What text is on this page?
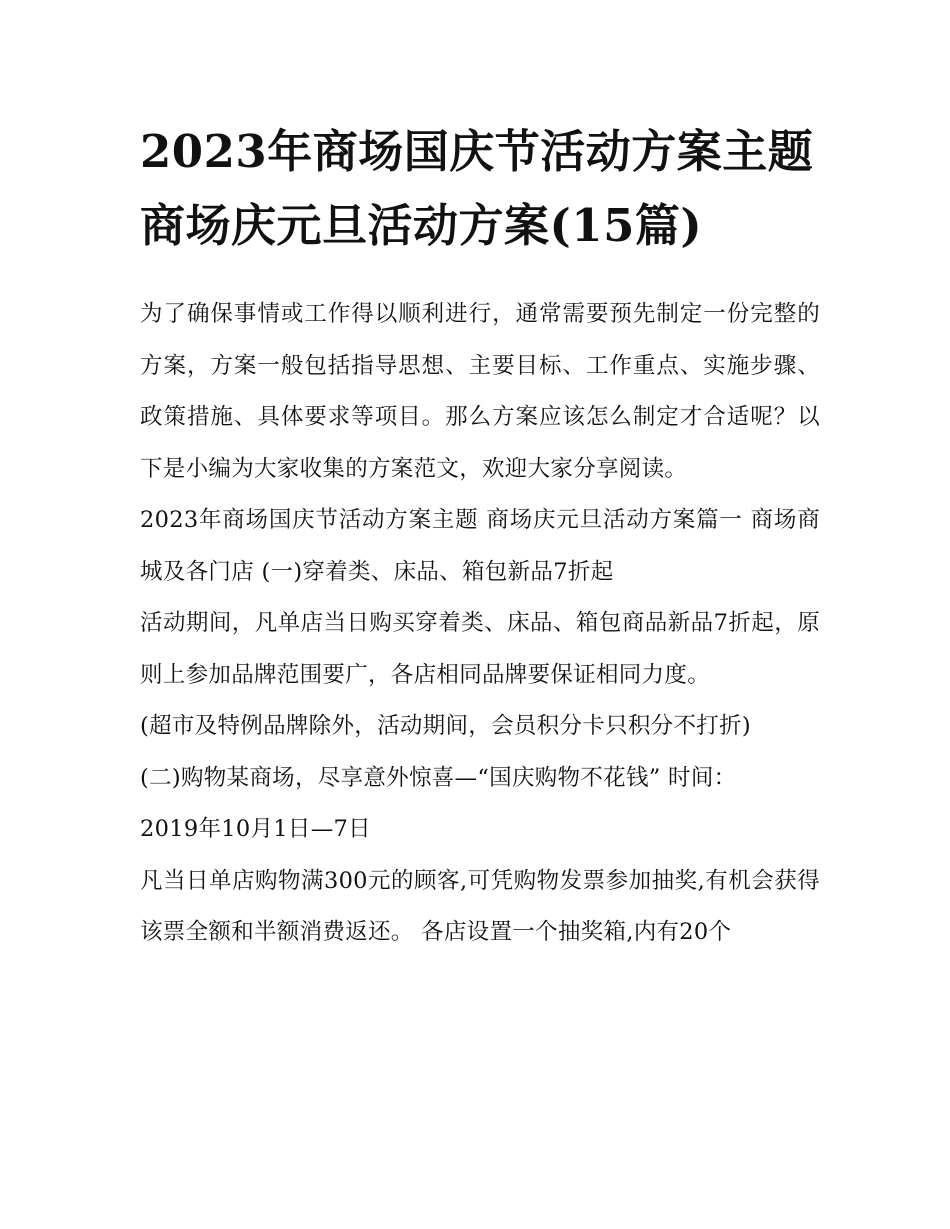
2023年商场国庆节活动方案主题 商场庆元旦活动方案(15篇)

为了确保事情或工作得以顺利进行，通常需要预先制定一份完整的方案，方案一般包括指导思想、主要目标、工作重点、实施步骤、政策措施、具体要求等项目。那么方案应该怎么制定才合适呢？以下是小编为大家收集的方案范文，欢迎大家分享阅读。

2023年商场国庆节活动方案主题 商场庆元旦活动方案篇一 商场商城及各门店 (一)穿着类、床品、箱包新品7折起

活动期间，凡单店当日购买穿着类、床品、箱包商品新品7折起，原则上参加品牌范围要广，各店相同品牌要保证相同力度。

(超市及特例品牌除外，活动期间，会员积分卡只积分不打折)

(二)购物某商场，尽享意外惊喜—“国庆购物不花钱” 时间：

2019年10月1日—7日

凡当日单店购物满300元的顾客,可凭购物发票参加抽奖,有机会获得该票全额和半额消费返还。 各店设置一个抽奖箱,内有20个
